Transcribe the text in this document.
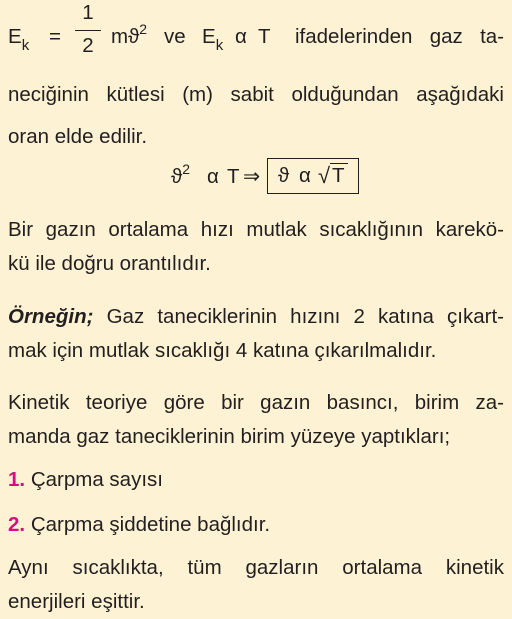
$E_k$ =
1
2 $mϑ^2$ ve $E_k$ α T ifadelerinden gaz ta-
neciğinin kütlesi (m) sabit olduğundan aşağıdaki
oran elde edilir.
$ϑ^2$ α T ⇒ ϑ α √ T
Bir gazın ortalama hızı mutlak sıcaklığının karekö-
kü ile doğru orantılıdır.
Örneğin; Gaz taneciklerinin hızını 2 katına çıkart-
mak için mutlak sıcaklığı 4 katına çıkarılmalıdır.
Kinetik teoriye göre bir gazın basıncı, birim za-
manda gaz taneciklerinin birim yüzeye yaptıkları;
1. Çarpma sayısı
2. Çarpma şiddetine bağlıdır.
Aynı sıcaklıkta, tüm gazların ortalama kinetik
enerjileri eşittir.
